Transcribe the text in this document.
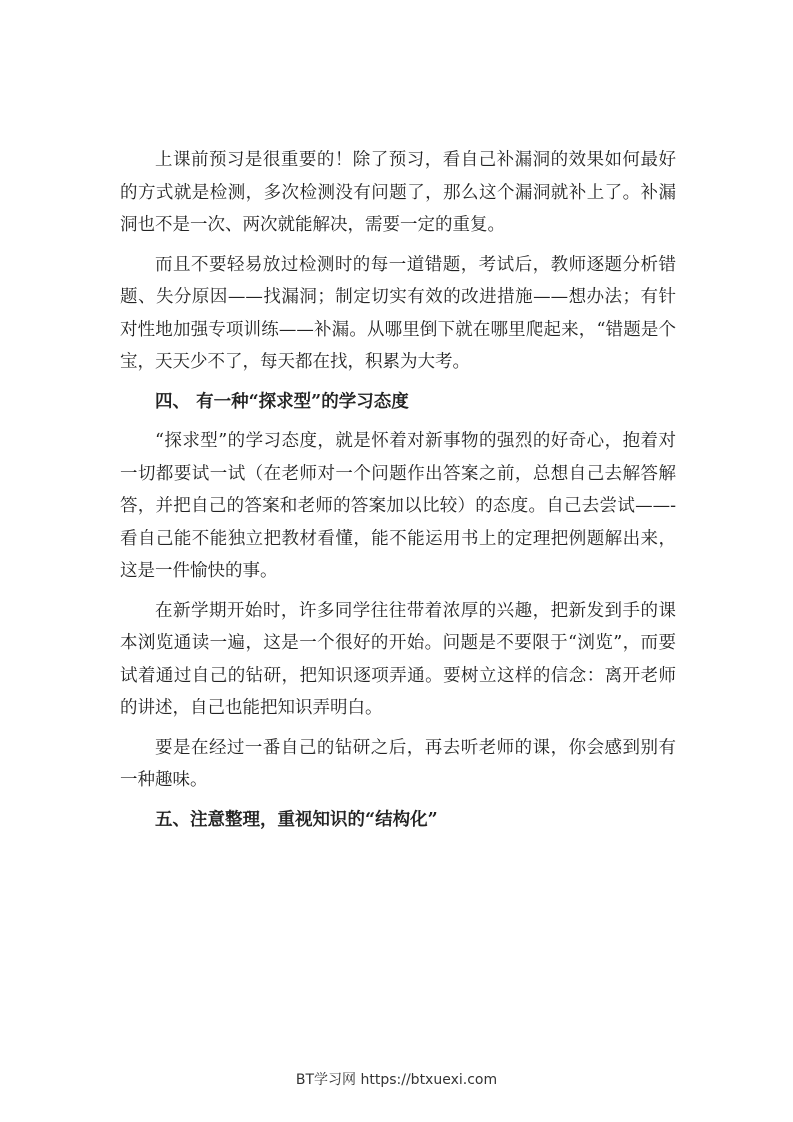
上课前预习是很重要的！除了预习，看自己补漏洞的效果如何最好的方式就是检测，多次检测没有问题了，那么这个漏洞就补上了。补漏洞也不是一次、两次就能解决，需要一定的重复。

而且不要轻易放过检测时的每一道错题，考试后，教师逐题分析错题、失分原因——找漏洞；制定切实有效的改进措施——想办法；有针对性地加强专项训练——补漏。从哪里倒下就在哪里爬起来，“错题是个宝，天天少不了，每天都在找，积累为大考。

四、 有一种“探求型”的学习态度

“探求型”的学习态度，就是怀着对新事物的强烈的好奇心，抱着对一切都要试一试（在老师对一个问题作出答案之前，总想自己去解答解答，并把自己的答案和老师的答案加以比较）的态度。自己去尝试——-看自己能不能独立把教材看懂，能不能运用书上的定理把例题解出来，这是一件愉快的事。

在新学期开始时，许多同学往往带着浓厚的兴趣，把新发到手的课本浏览通读一遍，这是一个很好的开始。问题是不要限于“浏览”，而要试着通过自己的钻研，把知识逐项弄通。要树立这样的信念：离开老师的讲述，自己也能把知识弄明白。

要是在经过一番自己的钻研之后，再去听老师的课，你会感到别有一种趣味。

五、注意整理，重视知识的“结构化”

BT学习网 https://btxuexi.com
